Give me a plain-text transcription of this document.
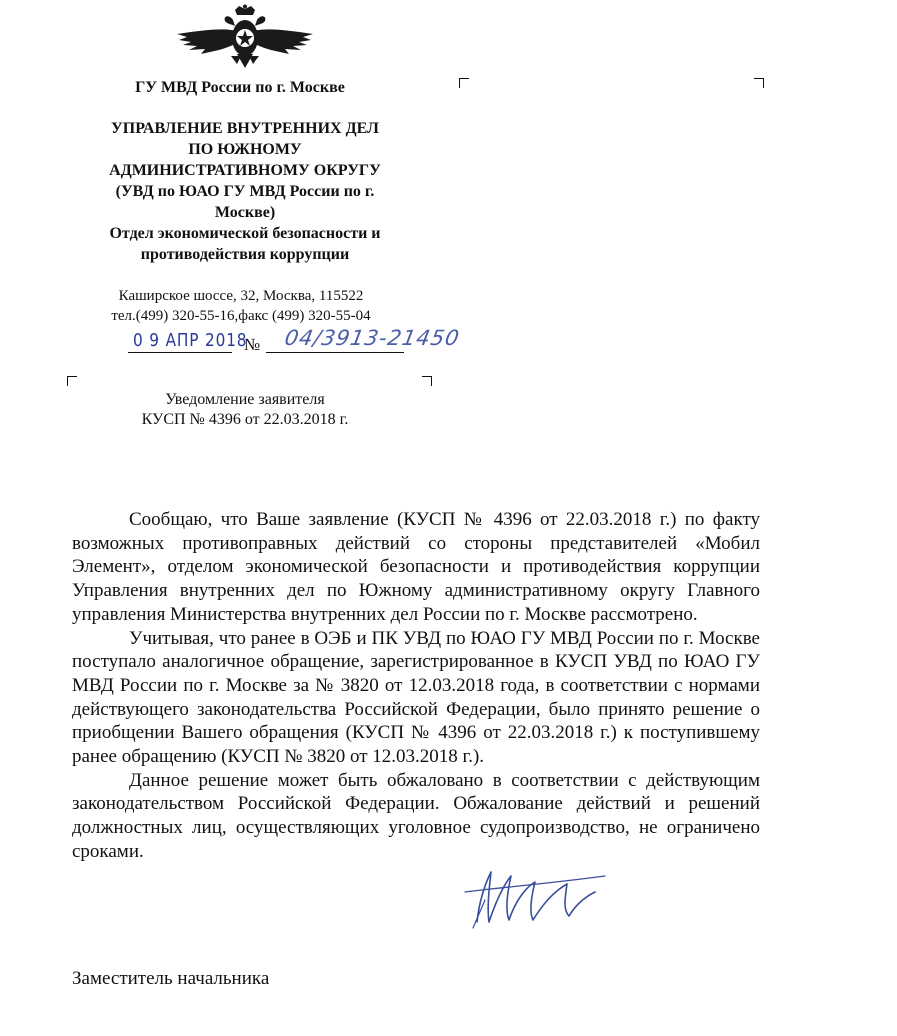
ГУ МВД России по г. Москве
УПРАВЛЕНИЕ ВНУТРЕННИХ ДЕЛ
ПО ЮЖНОМУ
АДМИНИСТРАТИВНОМУ ОКРУГУ
(УВД по ЮАО ГУ МВД России по г.
Москве)
Отдел экономической безопасности и
противодействия коррупции
Каширское шоссе, 32, Москва, 115522
тел.(499) 320-55-16,факс (499) 320-55-04
0 9 АПР 2018
№ 04/3913-21450
Уведомление заявителя
КУСП № 4396 от 22.03.2018 г.

Сообщаю, что Ваше заявление (КУСП № 4396 от 22.03.2018 г.) по факту возможных противоправных действий со стороны представителей «Мобил Элемент», отделом экономической безопасности и противодействия коррупции Управления внутренних дел по Южному административному округу Главного управления Министерства внутренних дел России по г. Москве рассмотрено.

Учитывая, что ранее в ОЭБ и ПК УВД по ЮАО ГУ МВД России по г. Москве поступало аналогичное обращение, зарегистрированное в КУСП УВД по ЮАО ГУ МВД России по г. Москве за № 3820 от 12.03.2018 года, в соответствии с нормами действующего законодательства Российской Федерации, было принято решение о приобщении Вашего обращения (КУСП № 4396 от 22.03.2018 г.) к поступившему ранее обращению (КУСП № 3820 от 12.03.2018 г.).

Данное решение может быть обжаловано в соответствии с действующим законодательством Российской Федерации. Обжалование действий и решений должностных лиц, осуществляющих уголовное судопроизводство, не ограничено сроками.

Заместитель начальника
